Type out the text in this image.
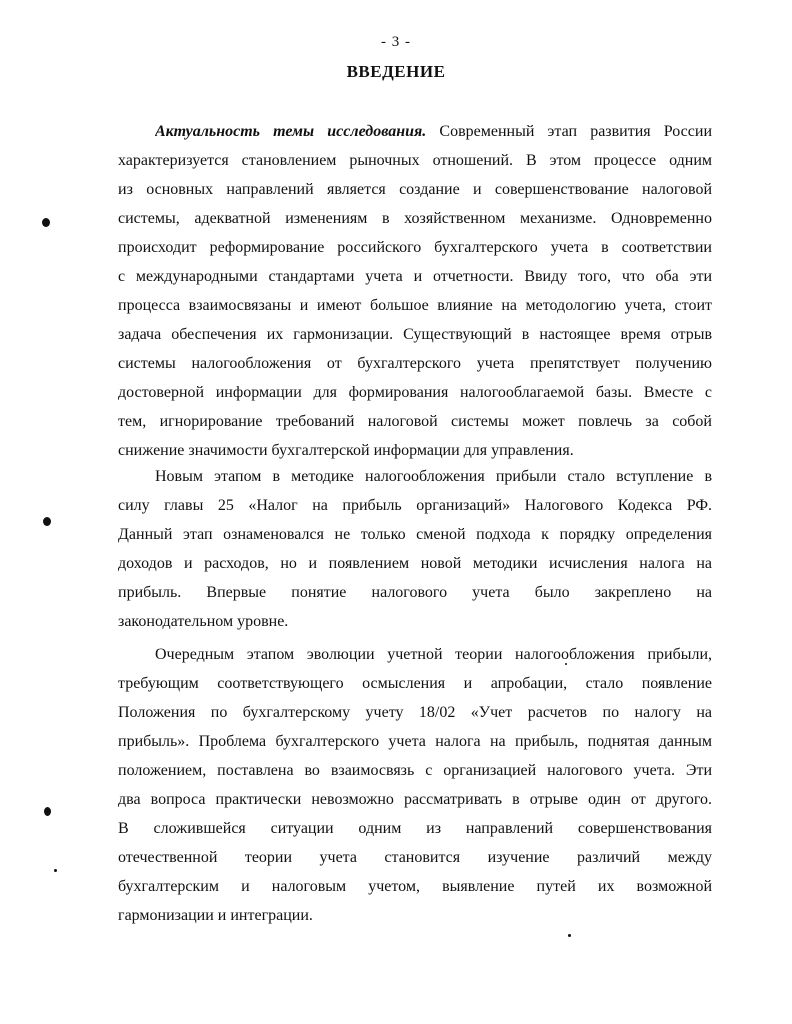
- 3 -
ВВЕДЕНИЕ
Актуальность темы исследования. Современный этап развития России
характеризуется становлением рыночных отношений. В этом процессе одним
из основных направлений является создание и совершенствование налоговой
системы, адекватной изменениям в хозяйственном механизме. Одновременно
происходит реформирование российского бухгалтерского учета в соответствии
с международными стандартами учета и отчетности. Ввиду того, что оба эти
процесса взаимосвязаны и имеют большое влияние на методологию учета, стоит
задача обеспечения их гармонизации. Существующий в настоящее время отрыв
системы налогообложения от бухгалтерского учета препятствует получению
достоверной информации для формирования налогооблагаемой базы. Вместе с
тем, игнорирование требований налоговой системы может повлечь за собой
снижение значимости бухгалтерской информации для управления.
Новым этапом в методике налогообложения прибыли стало вступление в
силу главы 25 «Налог на прибыль организаций» Налогового Кодекса РФ.
Данный этап ознаменовался не только сменой подхода к порядку определения
доходов и расходов, но и появлением новой методики исчисления налога на
прибыль. Впервые понятие налогового учета было закреплено на
законодательном уровне.
Очередным этапом эволюции учетной теории налогообложения прибыли,
требующим соответствующего осмысления и апробации, стало появление
Положения по бухгалтерскому учету 18/02 «Учет расчетов по налогу на
прибыль». Проблема бухгалтерского учета налога на прибыль, поднятая данным
положением, поставлена во взаимосвязь с организацией налогового учета. Эти
два вопроса практически невозможно рассматривать в отрыве один от другого.
В сложившейся ситуации одним из направлений совершенствования
отечественной теории учета становится изучение различий между
бухгалтерским и налоговым учетом, выявление путей их возможной
гармонизации и интеграции.
